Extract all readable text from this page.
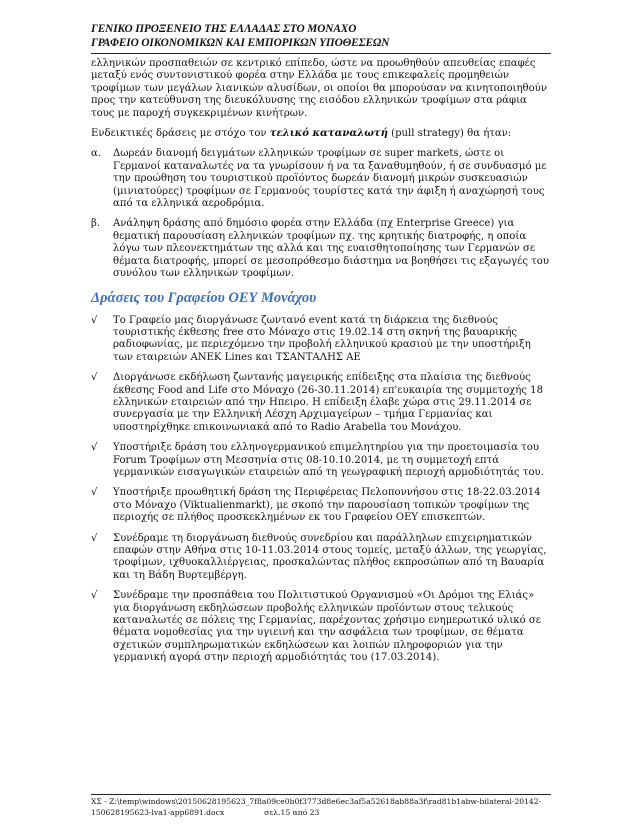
ΓΕΝΙΚΟ ΠΡΟΞΕΝΕΙΟ ΤΗΣ ΕΛΛΑΔΑΣ ΣΤΟ ΜΟΝΑΧΟ
ΓΡΑΦΕΙΟ ΟΙΚΟΝΟΜΙΚΩΝ ΚΑΙ ΕΜΠΟΡΙΚΩΝ ΥΠΟΘΕΣΕΩΝ

ελληνικών προσπαθειών σε κεντρικό επίπεδο, ώστε να προωθηθούν απευθείας επαφές μεταξύ ενός συντονιστικού φορέα στην Ελλάδα με τους επικεφαλείς προμηθειών τροφίμων των μεγάλων λιανικών αλυσίδων, οι οποίοι θα μπορούσαν να κινητοποιηθούν προς την κατεύθυνση της διευκόλυνσης της εισόδου ελληνικών τροφίμων στα ράφια τους με παροχή συγκεκριμένων κινήτρων.

Ενδεικτικές δράσεις με στόχο τον τελικό καταναλωτή (pull strategy) θα ήταν:

α. Δωρεάν διανομή δειγμάτων ελληνικών τροφίμων σε super markets, ώστε οι Γερμανοί καταναλωτές να τα γνωρίσουν ή να τα ξαναθυμηθούν, ή σε συνδυασμό με την προώθηση του τουριστικού προϊόντος δωρεάν διανομή μικρών συσκευασιών (μινιατούρες) τροφίμων σε Γερμανούς τουρίστες κατά την άφιξη ή αναχώρησή τους από τα ελληνικά αεροδρόμια.
β. Ανάληψη δράσης από δημόσιο φορέα στην Ελλάδα (πχ Enterprise Greece) για θεματική παρουσίαση ελληνικών τροφίμων πχ. της κρητικής διατροφής, η οποία λόγω των πλεονεκτημάτων της αλλά και της ευαισθητοποίησης των Γερμανών σε θέματα διατροφής, μπορεί σε μεσοπρόθεσμο διάστημα να βοηθήσει τις εξαγωγές του συνόλου των ελληνικών τροφίμων.
Δράσεις του Γραφείου ΟΕΥ Μονάχου
√ Το Γραφείο μας διοργάνωσε ζωντανό event κατά τη διάρκεια της διεθνούς τουριστικής έκθεσης free στο Μόναχο στις 19.02.14 στη σκηνή της βαυαρικής ραδιοφωνίας, με περιεχόμενο την προβολή ελληνικού κρασιού με την υποστήριξη των εταιρειών ΑΝΕΚ Lines και ΤΣΑΝΤΑΛΗΣ ΑΕ
√ Διοργάνωσε εκδήλωση ζωντανής μαγειρικής επίδειξης στα πλαίσια της διεθνούς έκθεσης Food and Life στο Μόναχο (26-30.11.2014) επ'ευκαιρία της συμμετοχής 18 ελληνικών εταιρειών από την Ηπειρο. Η επίδειξη έλαβε χώρα στις 29.11.2014 σε συνεργασία με την Ελληνική Λέσχη Αρχιμαγείρων – τμήμα Γερμανίας και υποστηρίχθηκε επικοινωνιακά από το Radio Arabella του Μονάχου.
√ Υποστήριξε δράση του ελληνογερμανικού επιμελητηρίου για την προετοιμασία του Forum Τροφίμων στη Μεσσηνία στις 08-10.10.2014, με τη συμμετοχή επτά γερμανικών εισαγωγικών εταιρειών από τη γεωγραφική περιοχή αρμοδιότητάς του.
√ Υποστήριξε προωθητική δράση της Περιφέρειας Πελοποννήσου στις 18-22.03.2014 στο Μόναχο (Viktualienmarkt), με σκοπό την παρουσίαση τοπικών τροφίμων της περιοχής σε πλήθος προσκεκλημένων εκ του Γραφείου ΟΕΥ επισκεπτών.
√ Συνέδραμε τη διοργάνωση διεθνούς συνεδρίου και παράλληλων επιχειρηματικών επαφών στην Αθήνα στις 10-11.03.2014 στους τομείς, μεταξύ άλλων, της γεωργίας, τροφίμων, ιχθυοκαλλιέργειας, προσκαλώντας πλήθος εκπροσώπων από τη Βαυαρία και τη Βάδη Βυρτεμβέργη.
√ Συνέδραμε την προσπάθεια του Πολιτιστικού Οργανισμού «Οι Δρόμοι της Ελιάς» για διοργάνωση εκδηλώσεων προβολής ελληνικών προϊόντων στους τελικούς καταναλωτές σε πόλεις της Γερμανίας, παρέχοντας χρήσιμο ενημερωτικό υλικό σε θέματα νομοθεσίας για την υγιεινή και την ασφάλεια των τροφίμων, σε θέματα σχετικών συμπληρωματικών εκδηλώσεων και λοιπών πληροφοριών για την γερμανική αγορά στην περιοχή αρμοδιότητάς του (17.03.2014).
ΧΣ - Z:\temp\windows\20150628195623_7f8a09ce0b0f3773d8e6ec3af5a52618ab88a3f\rad81b1abw-bilateral-20142-
150628195623-lva1-app6891.docx	σελ.15 από 23
